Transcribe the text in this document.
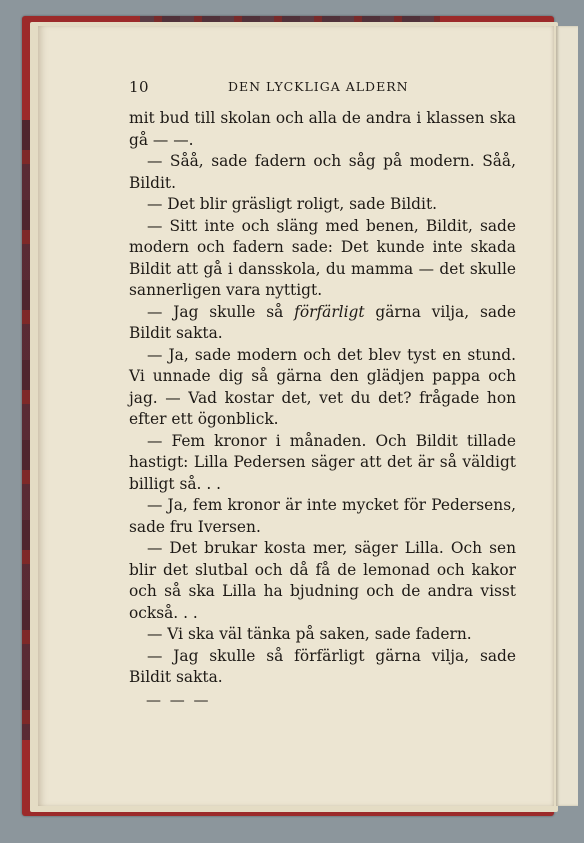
10	DEN LYCKLIGA ALDERN

mit bud till skolan och alla de andra i klassen ska gå — —.

— Såå, sade fadern och såg på modern. Såå, Bildit.

— Det blir gräsligt roligt, sade Bildit.

— Sitt inte och släng med benen, Bildit, sade modern och fadern sade: Det kunde inte skada Bildit att gå i dansskola, du mamma — det skulle sannerligen vara nyttigt.

— Jag skulle så förfärligt gärna vilja, sade Bildit sakta.

— Ja, sade modern och det blev tyst en stund. Vi unnade dig så gärna den glädjen pappa och jag. — Vad kostar det, vet du det? frågade hon efter ett ögonblick.

— Fem kronor i månaden. Och Bildit tillade hastigt: Lilla Pedersen säger att det är så väldigt billigt så. . .

— Ja, fem kronor är inte mycket för Pedersens, sade fru Iversen.

— Det brukar kosta mer, säger Lilla. Och sen blir det slutbal och då få de lemonad och kakor och så ska Lilla ha bjudning och de andra visst också. . .

— Vi ska väl tänka på saken, sade fadern.

— Jag skulle så förfärligt gärna vilja, sade Bildit sakta.

— — —
